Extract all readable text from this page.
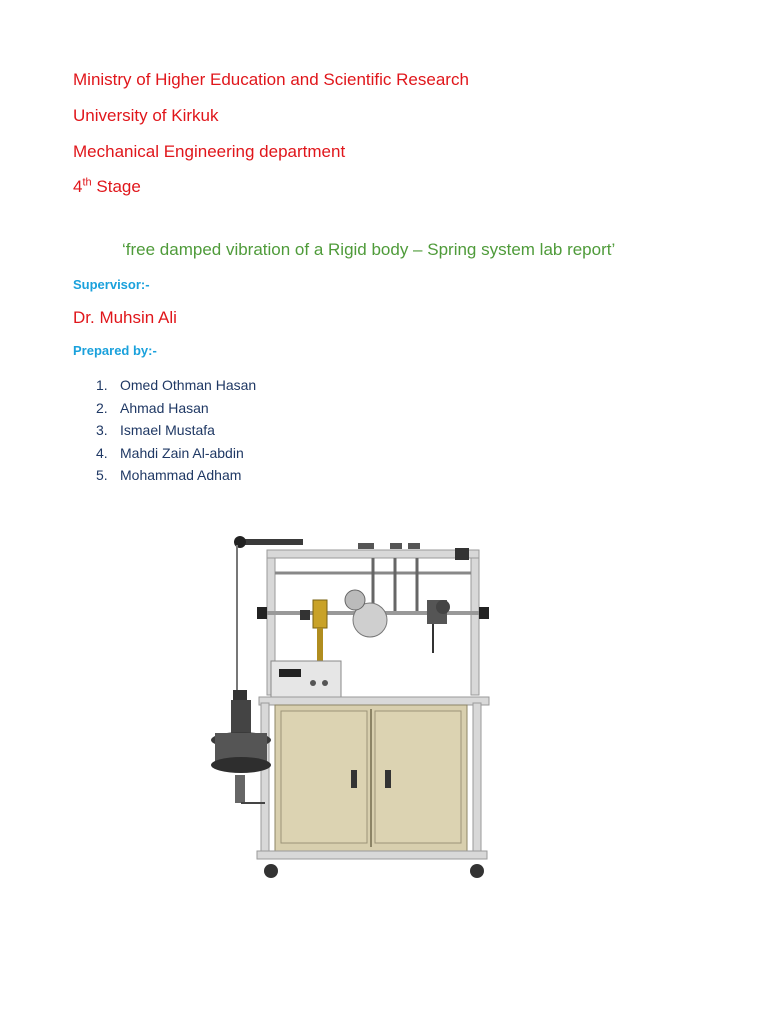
Ministry of Higher Education and Scientific Research
University of Kirkuk
Mechanical Engineering department
4th Stage
‘free damped vibration of a Rigid body – Spring system lab report’
Supervisor:-
Dr. Muhsin Ali
Prepared by:-
1. Omed Othman Hasan
2. Ahmad Hasan
3. Ismael Mustafa
4. Mahdi Zain Al-abdin
5. Mohammad Adham
